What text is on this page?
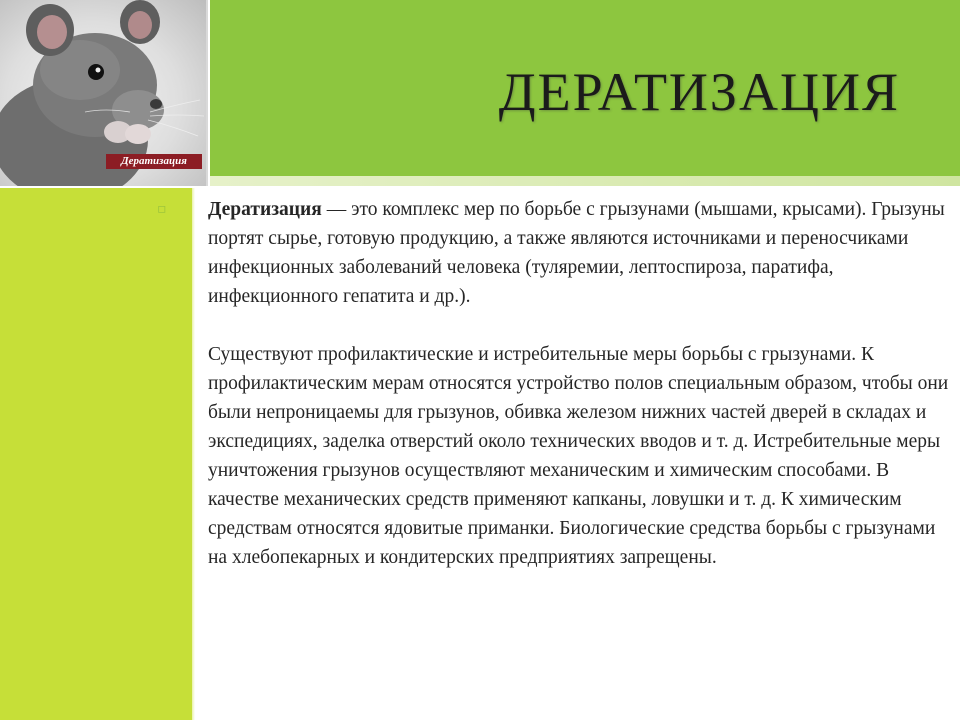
Дератизация
ДЕРАТИЗАЦИЯ
▫ Дератизация — это комплекс мер по борьбе с грызунами (мышами, крысами). Грызуны портят сырье, готовую продукцию, а также являются источниками и переносчиками инфекционных заболеваний человека (туляремии, лептоспироза, паратифа, инфекционного гепатита и др.).

Существуют профилактические и истребительные меры борьбы с грызунами. К профилактическим мерам относятся устройство полов специальным образом, чтобы они были непроницаемы для грызунов, обивка железом нижних частей дверей в складах и экспедициях, заделка отверстий около технических вводов и т. д. Истребительные меры уничтожения грызунов осуществляют механическим и химическим способами. В качестве механических средств применяют капканы, ловушки и т. д. К химическим средствам относятся ядовитые приманки. Биологические средства борьбы с грызунами на хлебопекарных и кондитерских предприятиях запрещены.
